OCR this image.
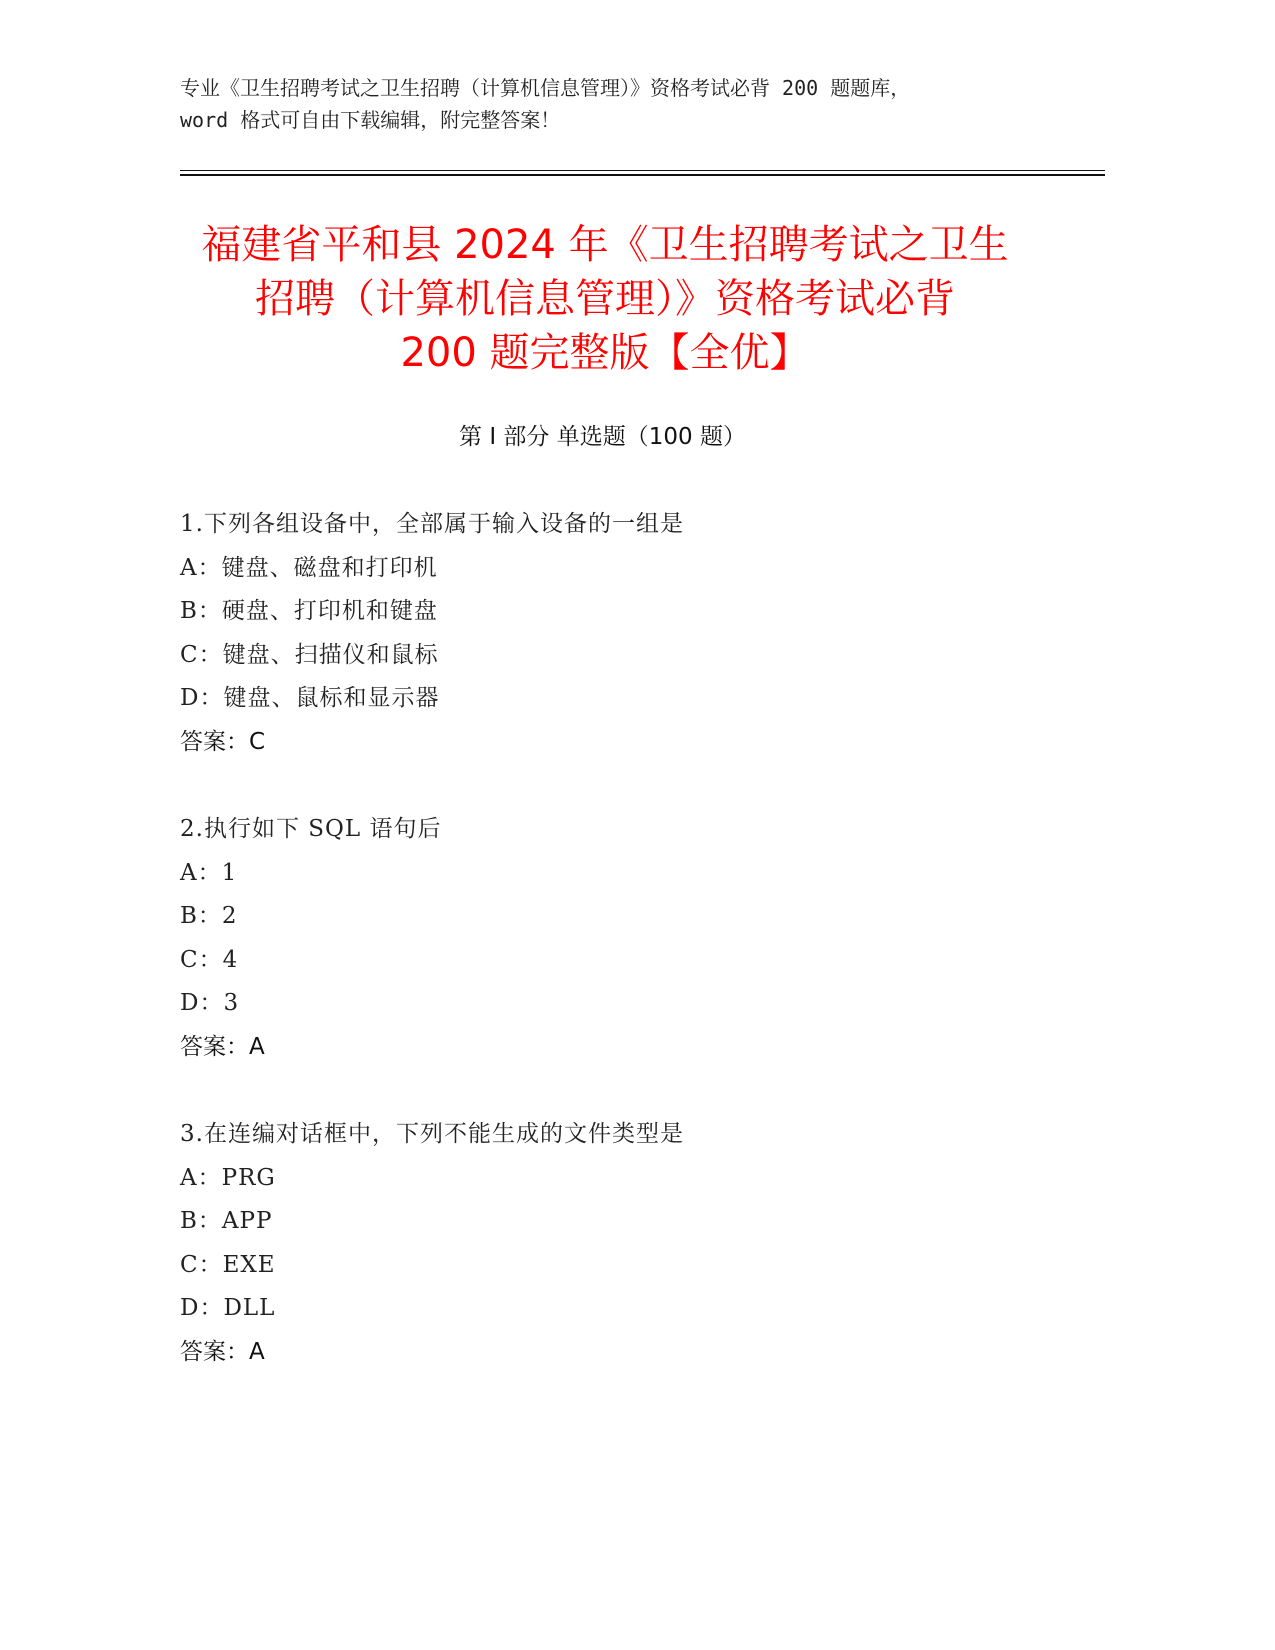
专业《卫生招聘考试之卫生招聘（计算机信息管理）》资格考试必背 200 题题库，
word 格式可自由下载编辑，附完整答案！
福建省平和县 2024 年《卫生招聘考试之卫生
招聘（计算机信息管理）》资格考试必背
200 题完整版【全优】
第 I 部分 单选题（100 题）
1.下列各组设备中，全部属于输入设备的一组是
A：键盘、磁盘和打印机
B：硬盘、打印机和键盘
C：键盘、扫描仪和鼠标
D：键盘、鼠标和显示器
答案：C
2.执行如下 SQL 语句后
A：1
B：2
C：4
D：3
答案：A
3.在连编对话框中，下列不能生成的文件类型是
A：PRG
B：APP
C：EXE
D：DLL
答案：A
